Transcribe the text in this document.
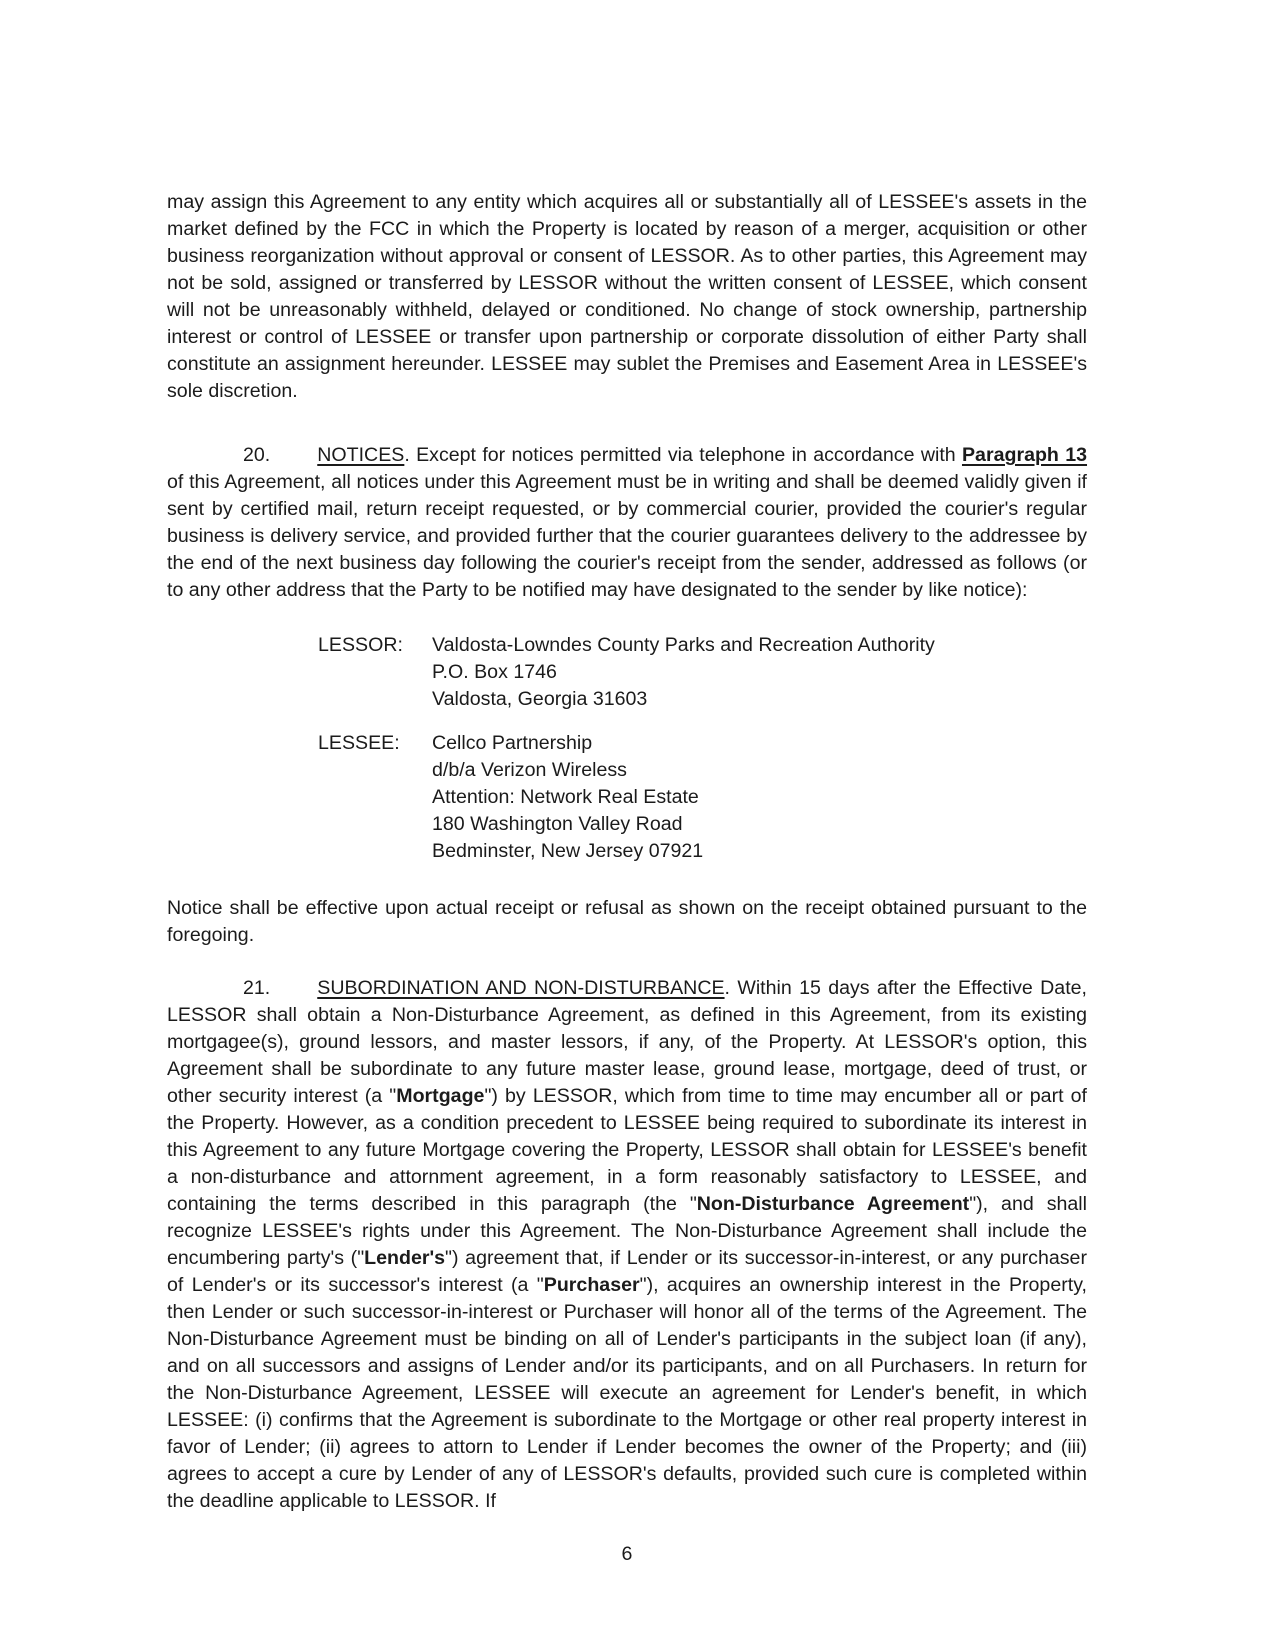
may assign this Agreement to any entity which acquires all or substantially all of LESSEE's assets in the market defined by the FCC in which the Property is located by reason of a merger, acquisition or other business reorganization without approval or consent of LESSOR. As to other parties, this Agreement may not be sold, assigned or transferred by LESSOR without the written consent of LESSEE, which consent will not be unreasonably withheld, delayed or conditioned. No change of stock ownership, partnership interest or control of LESSEE or transfer upon partnership or corporate dissolution of either Party shall constitute an assignment hereunder. LESSEE may sublet the Premises and Easement Area in LESSEE's sole discretion.
20. NOTICES. Except for notices permitted via telephone in accordance with Paragraph 13 of this Agreement, all notices under this Agreement must be in writing and shall be deemed validly given if sent by certified mail, return receipt requested, or by commercial courier, provided the courier's regular business is delivery service, and provided further that the courier guarantees delivery to the addressee by the end of the next business day following the courier's receipt from the sender, addressed as follows (or to any other address that the Party to be notified may have designated to the sender by like notice):
LESSOR:	Valdosta-Lowndes County Parks and Recreation Authority
P.O. Box 1746
Valdosta, Georgia 31603
LESSEE:	Cellco Partnership
d/b/a Verizon Wireless
Attention: Network Real Estate
180 Washington Valley Road
Bedminster, New Jersey 07921
Notice shall be effective upon actual receipt or refusal as shown on the receipt obtained pursuant to the foregoing.
21. SUBORDINATION AND NON-DISTURBANCE. Within 15 days after the Effective Date, LESSOR shall obtain a Non-Disturbance Agreement, as defined in this Agreement, from its existing mortgagee(s), ground lessors, and master lessors, if any, of the Property. At LESSOR's option, this Agreement shall be subordinate to any future master lease, ground lease, mortgage, deed of trust, or other security interest (a "Mortgage") by LESSOR, which from time to time may encumber all or part of the Property. However, as a condition precedent to LESSEE being required to subordinate its interest in this Agreement to any future Mortgage covering the Property, LESSOR shall obtain for LESSEE's benefit a non-disturbance and attornment agreement, in a form reasonably satisfactory to LESSEE, and containing the terms described in this paragraph (the "Non-Disturbance Agreement"), and shall recognize LESSEE's rights under this Agreement. The Non-Disturbance Agreement shall include the encumbering party's ("Lender's") agreement that, if Lender or its successor-in-interest, or any purchaser of Lender's or its successor's interest (a "Purchaser"), acquires an ownership interest in the Property, then Lender or such successor-in-interest or Purchaser will honor all of the terms of the Agreement. The Non-Disturbance Agreement must be binding on all of Lender's participants in the subject loan (if any), and on all successors and assigns of Lender and/or its participants, and on all Purchasers. In return for the Non-Disturbance Agreement, LESSEE will execute an agreement for Lender's benefit, in which LESSEE: (i) confirms that the Agreement is subordinate to the Mortgage or other real property interest in favor of Lender; (ii) agrees to attorn to Lender if Lender becomes the owner of the Property; and (iii) agrees to accept a cure by Lender of any of LESSOR's defaults, provided such cure is completed within the deadline applicable to LESSOR. If
6
